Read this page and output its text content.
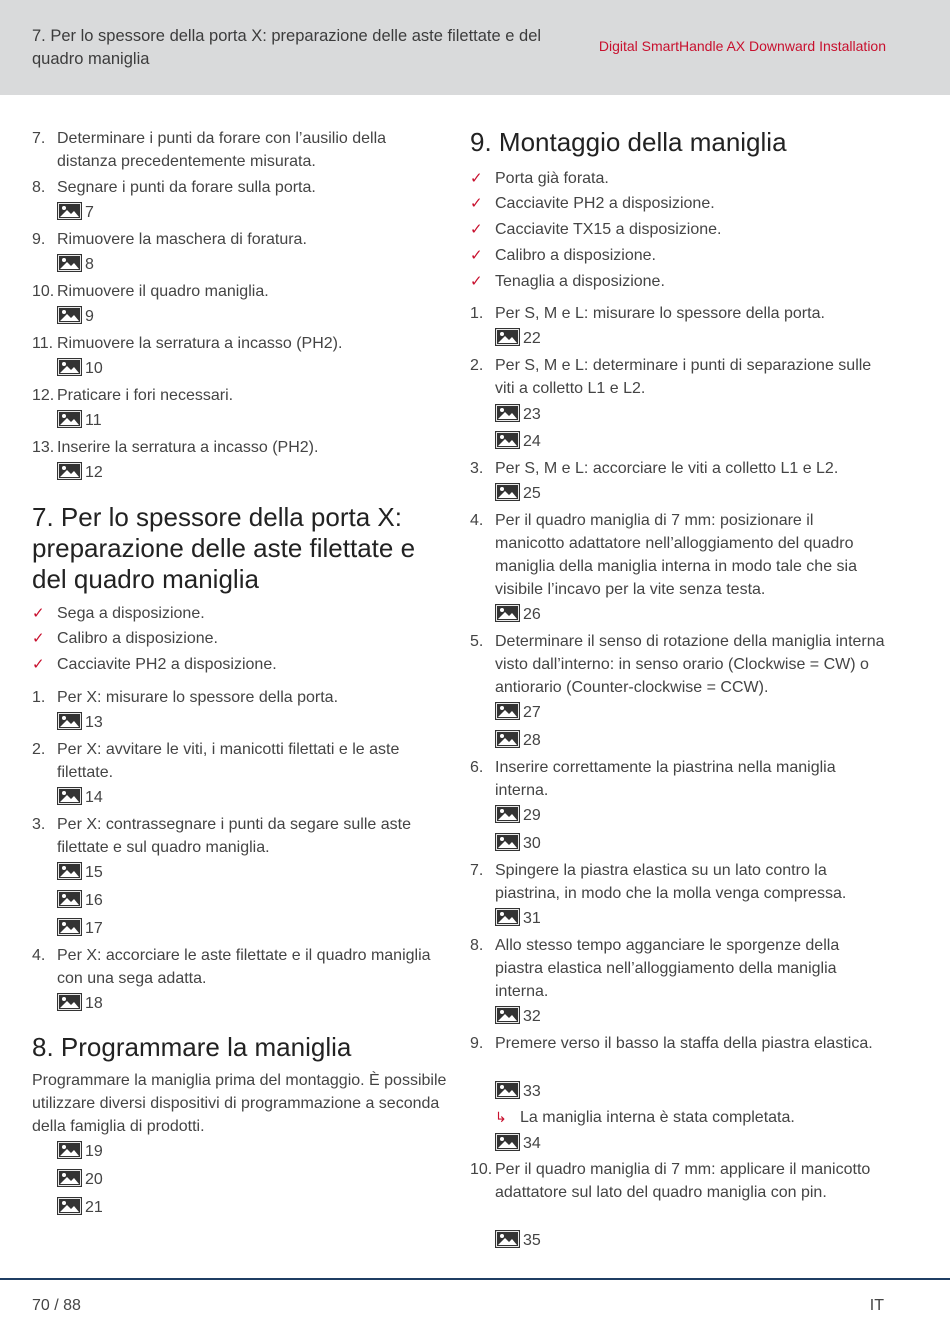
7. Per lo spessore della porta X: preparazione delle aste filettate e del quadro maniglia
Digital SmartHandle AX Downward Installation
7. Determinare i punti da forare con l’ausilio della distanza precedentemente misurata.
8. Segnare i punti da forare sulla porta.
7
9. Rimuovere la maschera di foratura.
8
10. Rimuovere il quadro maniglia.
9
11. Rimuovere la serratura a incasso (PH2).
10
12. Praticare i fori necessari.
11
13. Inserire la serratura a incasso (PH2).
12
7. Per lo spessore della porta X: preparazione delle aste filettate e del quadro maniglia
✓ Sega a disposizione.
✓ Calibro a disposizione.
✓ Cacciavite PH2 a disposizione.
1. Per X: misurare lo spessore della porta.
13
2. Per X: avvitare le viti, i manicotti filettati e le aste filettate.
14
3. Per X: contrassegnare i punti da segare sulle aste filettate e sul quadro maniglia.
15
16
17
4. Per X: accorciare le aste filettate e il quadro maniglia con una sega adatta.
18
8. Programmare la maniglia
Programmare la maniglia prima del montaggio. È possibile utilizzare diversi dispositivi di programmazione a seconda della famiglia di prodotti.
19
20
21
9. Montaggio della maniglia
✓ Porta già forata.
✓ Cacciavite PH2 a disposizione.
✓ Cacciavite TX15 a disposizione.
✓ Calibro a disposizione.
✓ Tenaglia a disposizione.
1. Per S, M e L: misurare lo spessore della porta.
22
2. Per S, M e L: determinare i punti di separazione sulle viti a colletto L1 e L2.
23
24
3. Per S, M e L: accorciare le viti a colletto L1 e L2.
25
4. Per il quadro maniglia di 7 mm: posizionare il manicotto adattatore nell’alloggiamento del quadro maniglia della maniglia interna in modo tale che sia visibile l’incavo per la vite senza testa.
26
5. Determinare il senso di rotazione della maniglia interna visto dall’interno: in senso orario (Clockwise = CW) o antiorario (Counter-clockwise = CCW).
27
28
6. Inserire correttamente la piastrina nella maniglia interna.
29
30
7. Spingere la piastra elastica su un lato contro la piastrina, in modo che la molla venga compressa.
31
8. Allo stesso tempo agganciare le sporgenze della piastra elastica nell’alloggiamento della maniglia interna.
32
9. Premere verso il basso la staffa della piastra elastica.
33
↳ La maniglia interna è stata completata.
34
10. Per il quadro maniglia di 7 mm: applicare il manicotto adattatore sul lato del quadro maniglia con pin.
35
70 / 88	IT
